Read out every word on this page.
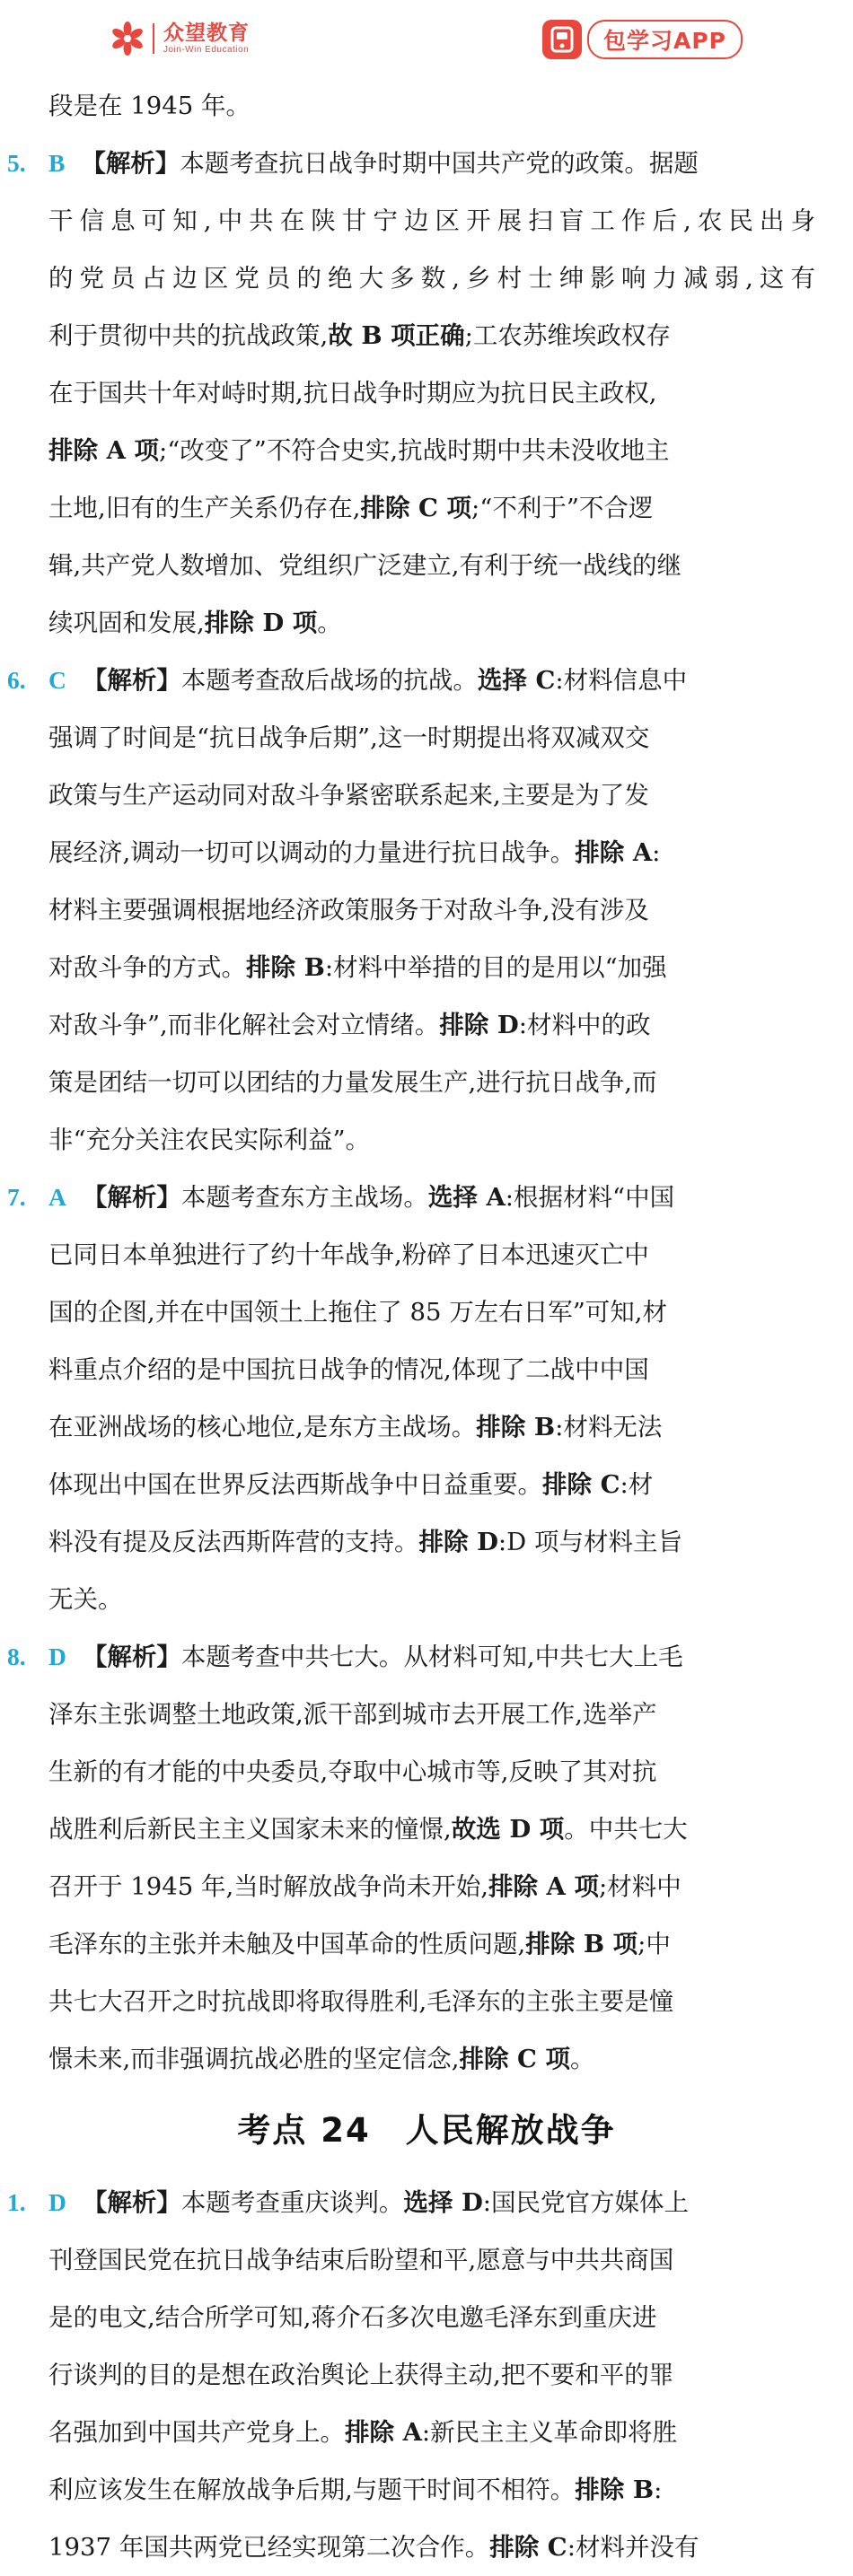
众望教育
Join-Win Education	包学习APP
段是在 1945 年。
5. B 【解析】本题考查抗日战争时期中国共产党的政策。据题
干信息可知,中共在陕甘宁边区开展扫盲工作后,农民出身
的党员占边区党员的绝大多数,乡村士绅影响力减弱,这有
利于贯彻中共的抗战政策,故 B 项正确;工农苏维埃政权存
在于国共十年对峙时期,抗日战争时期应为抗日民主政权,
排除 A 项;“改变了”不符合史实,抗战时期中共未没收地主
土地,旧有的生产关系仍存在,排除 C 项;“不利于”不合逻
辑,共产党人数增加、党组织广泛建立,有利于统一战线的继
续巩固和发展,排除 D 项。
6. C 【解析】本题考查敌后战场的抗战。选择 C:材料信息中
强调了时间是“抗日战争后期”,这一时期提出将双减双交
政策与生产运动同对敌斗争紧密联系起来,主要是为了发
展经济,调动一切可以调动的力量进行抗日战争。排除 A:
材料主要强调根据地经济政策服务于对敌斗争,没有涉及
对敌斗争的方式。排除 B:材料中举措的目的是用以“加强
对敌斗争”,而非化解社会对立情绪。排除 D:材料中的政
策是团结一切可以团结的力量发展生产,进行抗日战争,而
非“充分关注农民实际利益”。
7. A 【解析】本题考查东方主战场。选择 A:根据材料“中国
已同日本单独进行了约十年战争,粉碎了日本迅速灭亡中
国的企图,并在中国领土上拖住了 85 万左右日军”可知,材
料重点介绍的是中国抗日战争的情况,体现了二战中中国
在亚洲战场的核心地位,是东方主战场。排除 B:材料无法
体现出中国在世界反法西斯战争中日益重要。排除 C:材
料没有提及反法西斯阵营的支持。排除 D:D 项与材料主旨
无关。
8. D 【解析】本题考查中共七大。从材料可知,中共七大上毛
泽东主张调整土地政策,派干部到城市去开展工作,选举产
生新的有才能的中央委员,夺取中心城市等,反映了其对抗
战胜利后新民主主义国家未来的憧憬,故选 D 项。中共七大
召开于 1945 年,当时解放战争尚未开始,排除 A 项;材料中
毛泽东的主张并未触及中国革命的性质问题,排除 B 项;中
共七大召开之时抗战即将取得胜利,毛泽东的主张主要是憧
憬未来,而非强调抗战必胜的坚定信念,排除 C 项。
考点 24　人民解放战争
1. D 【解析】本题考查重庆谈判。选择 D:国民党官方媒体上
刊登国民党在抗日战争结束后盼望和平,愿意与中共共商国
是的电文,结合所学可知,蒋介石多次电邀毛泽东到重庆进
行谈判的目的是想在政治舆论上获得主动,把不要和平的罪
名强加到中国共产党身上。排除 A:新民主主义革命即将胜
利应该发生在解放战争后期,与题干时间不相符。排除 B:
1937 年国共两党已经实现第二次合作。排除 C:材料并没有
